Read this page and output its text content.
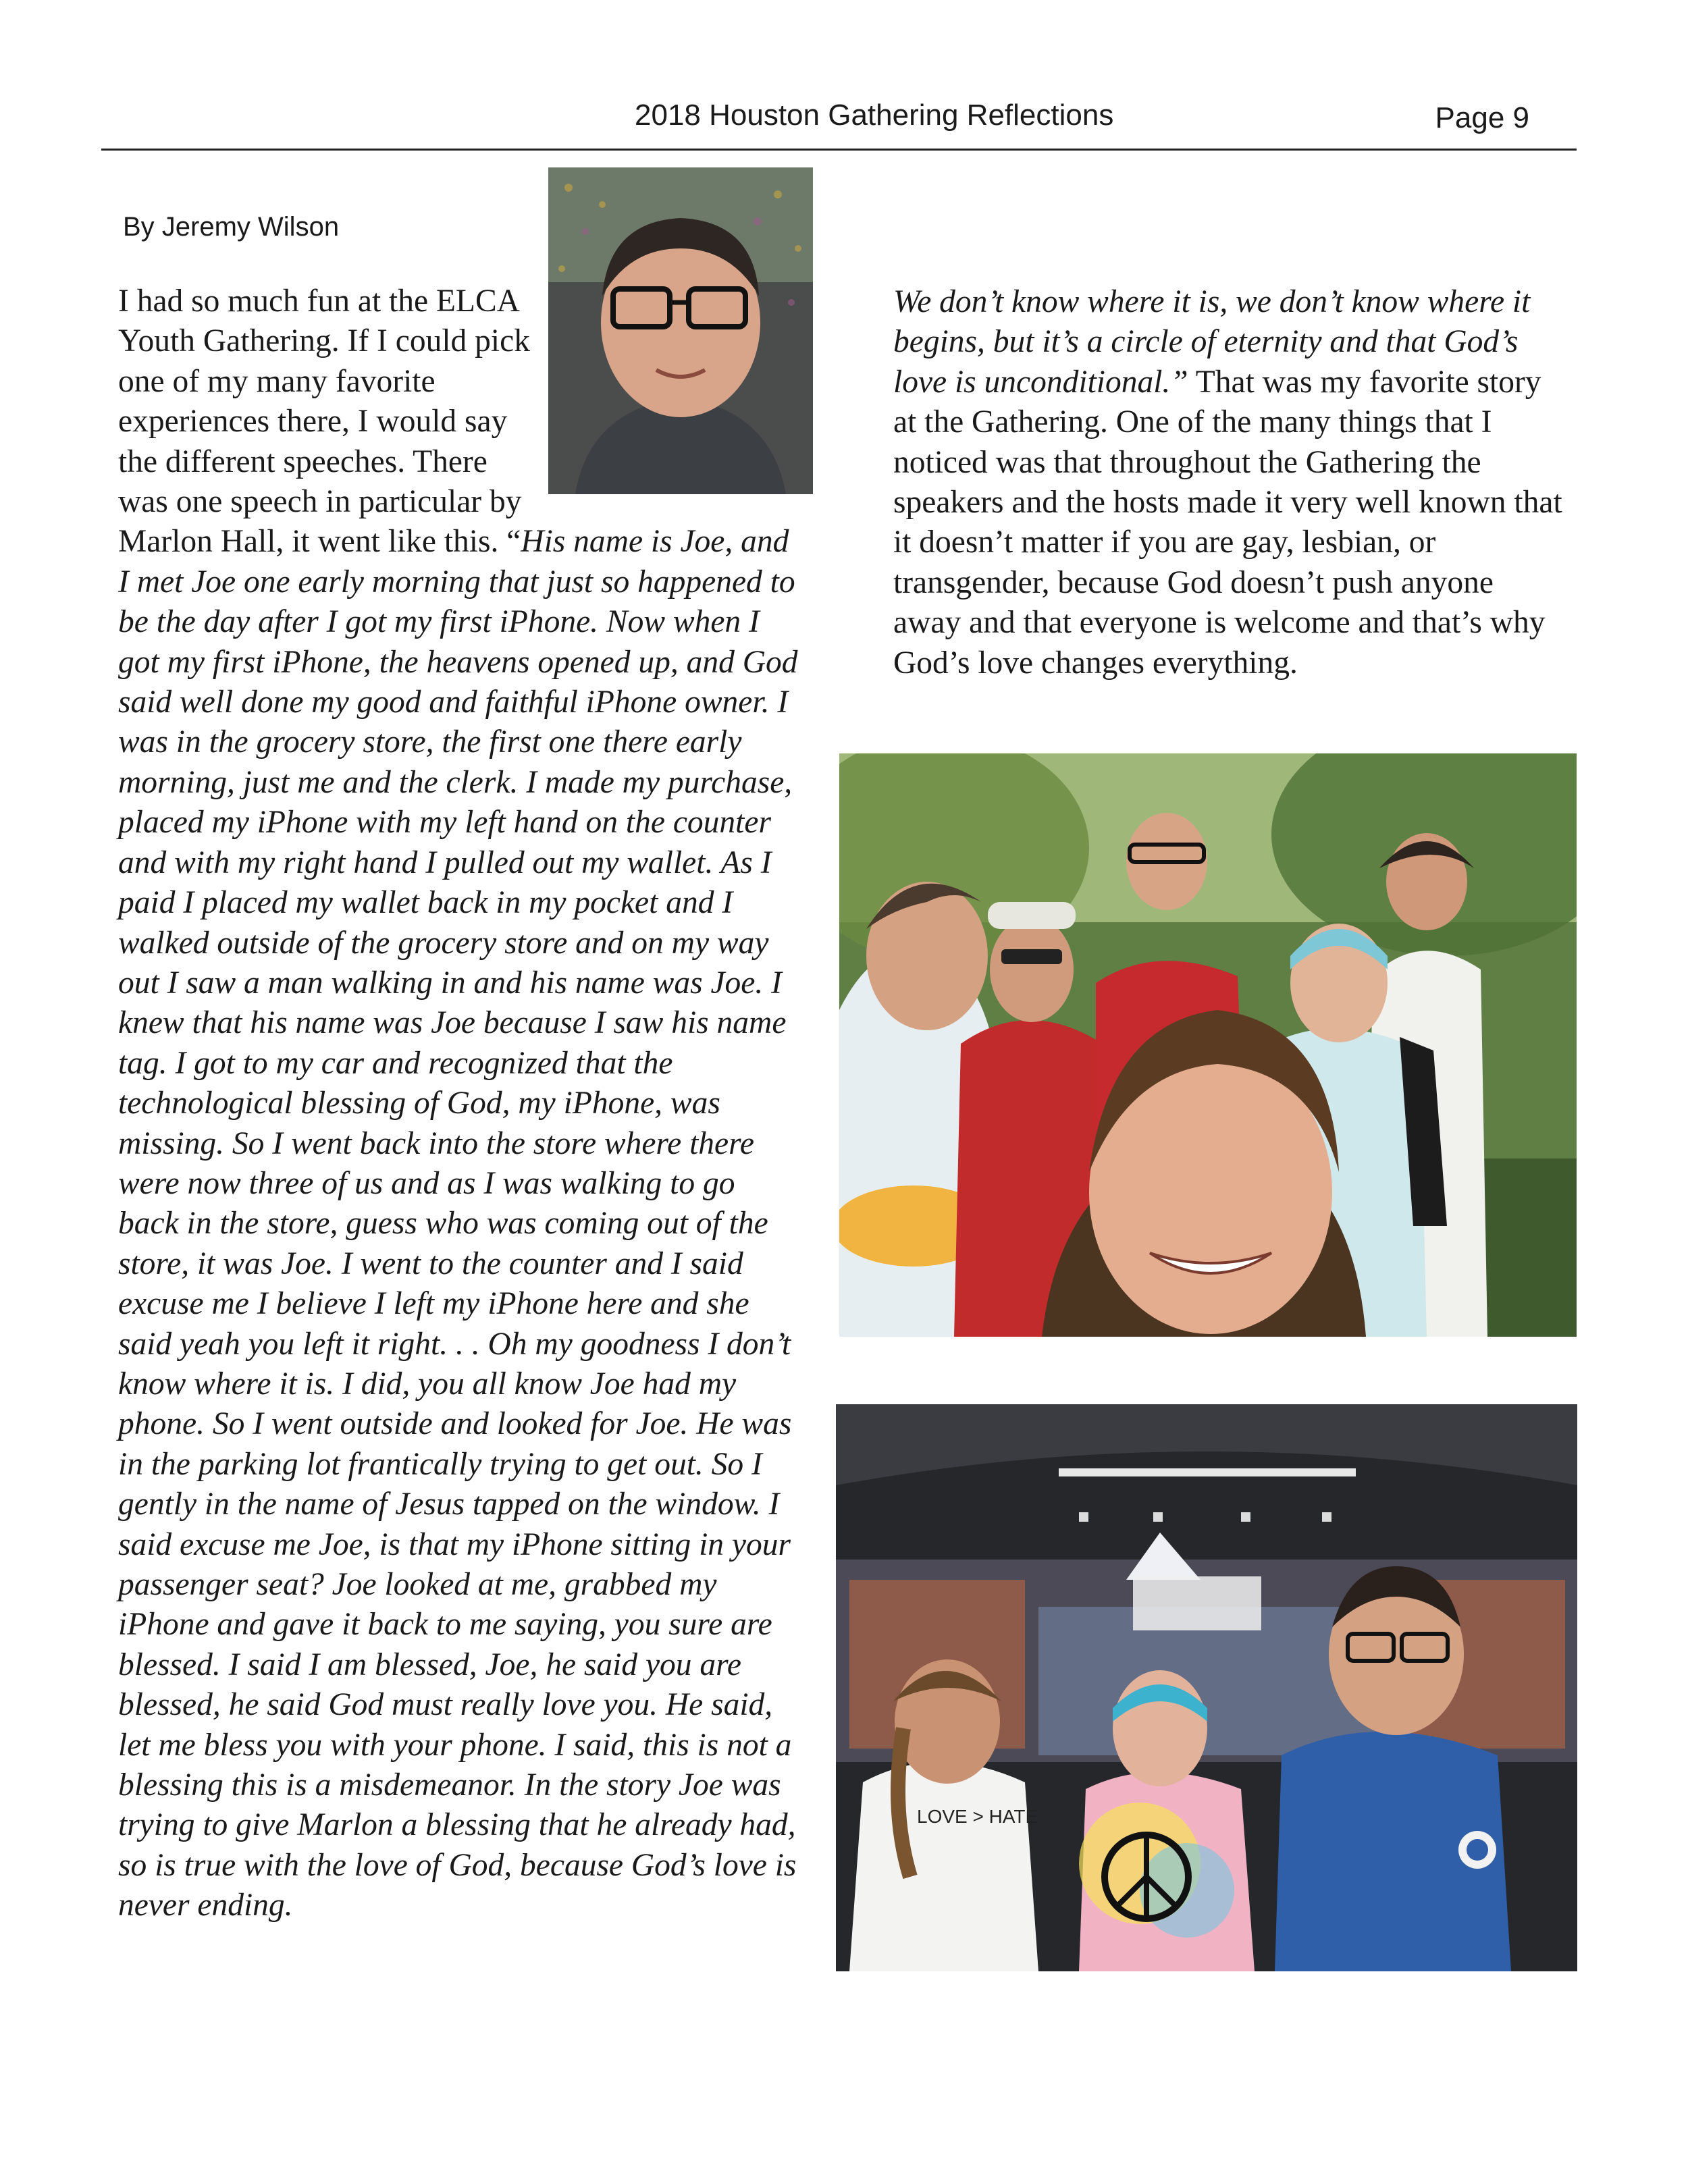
2018 Houston Gathering Reflections	Page 9
By Jeremy Wilson

I had so much fun at the ELCA Youth Gathering. If I could pick one of my many favorite experiences there, I would say the different speeches. There was one speech in particular by Marlon Hall, it went like this. “His name is Joe, and I met Joe one early morning that just so happened to be the day after I got my first iPhone. Now when I got my first iPhone, the heavens opened up, and God said well done my good and faithful iPhone owner. I was in the grocery store, the first one there early morning, just me and the clerk. I made my purchase, placed my iPhone with my left hand on the counter and with my right hand I pulled out my wallet. As I paid I placed my wallet back in my pocket and I walked outside of the grocery store and on my way out I saw a man walking in and his name was Joe. I knew that his name was Joe because I saw his name tag. I got to my car and recognized that the technological blessing of God, my iPhone, was missing. So I went back into the store where there were now three of us and as I was walking to go back in the store, guess who was coming out of the store, it was Joe. I went to the counter and I said excuse me I believe I left my iPhone here and she said yeah you left it right. . . Oh my goodness I don’t know where it is. I did, you all know Joe had my phone. So I went outside and looked for Joe. He was in the parking lot frantically trying to get out. So I gently in the name of Jesus tapped on the window. I said excuse me Joe, is that my iPhone sitting in your passenger seat? Joe looked at me, grabbed my iPhone and gave it back to me saying, you sure are blessed. I said I am blessed, Joe, he said you are blessed, he said God must really love you. He said, let me bless you with your phone. I said, this is not a blessing this is a misdemeanor. In the story Joe was trying to give Marlon a blessing that he already had, so is true with the love of God, because God’s love is never ending.

We don’t know where it is, we don’t know where it begins, but it’s a circle of eternity and that God’s love is unconditional.” That was my favorite story at the Gathering. One of the many things that I noticed was that throughout the Gathering the speakers and the hosts made it very well known that it doesn’t matter if you are gay, lesbian, or transgender, because God doesn’t push anyone away and that everyone is welcome and that’s why God’s love changes everything.

LOVE > HATE
